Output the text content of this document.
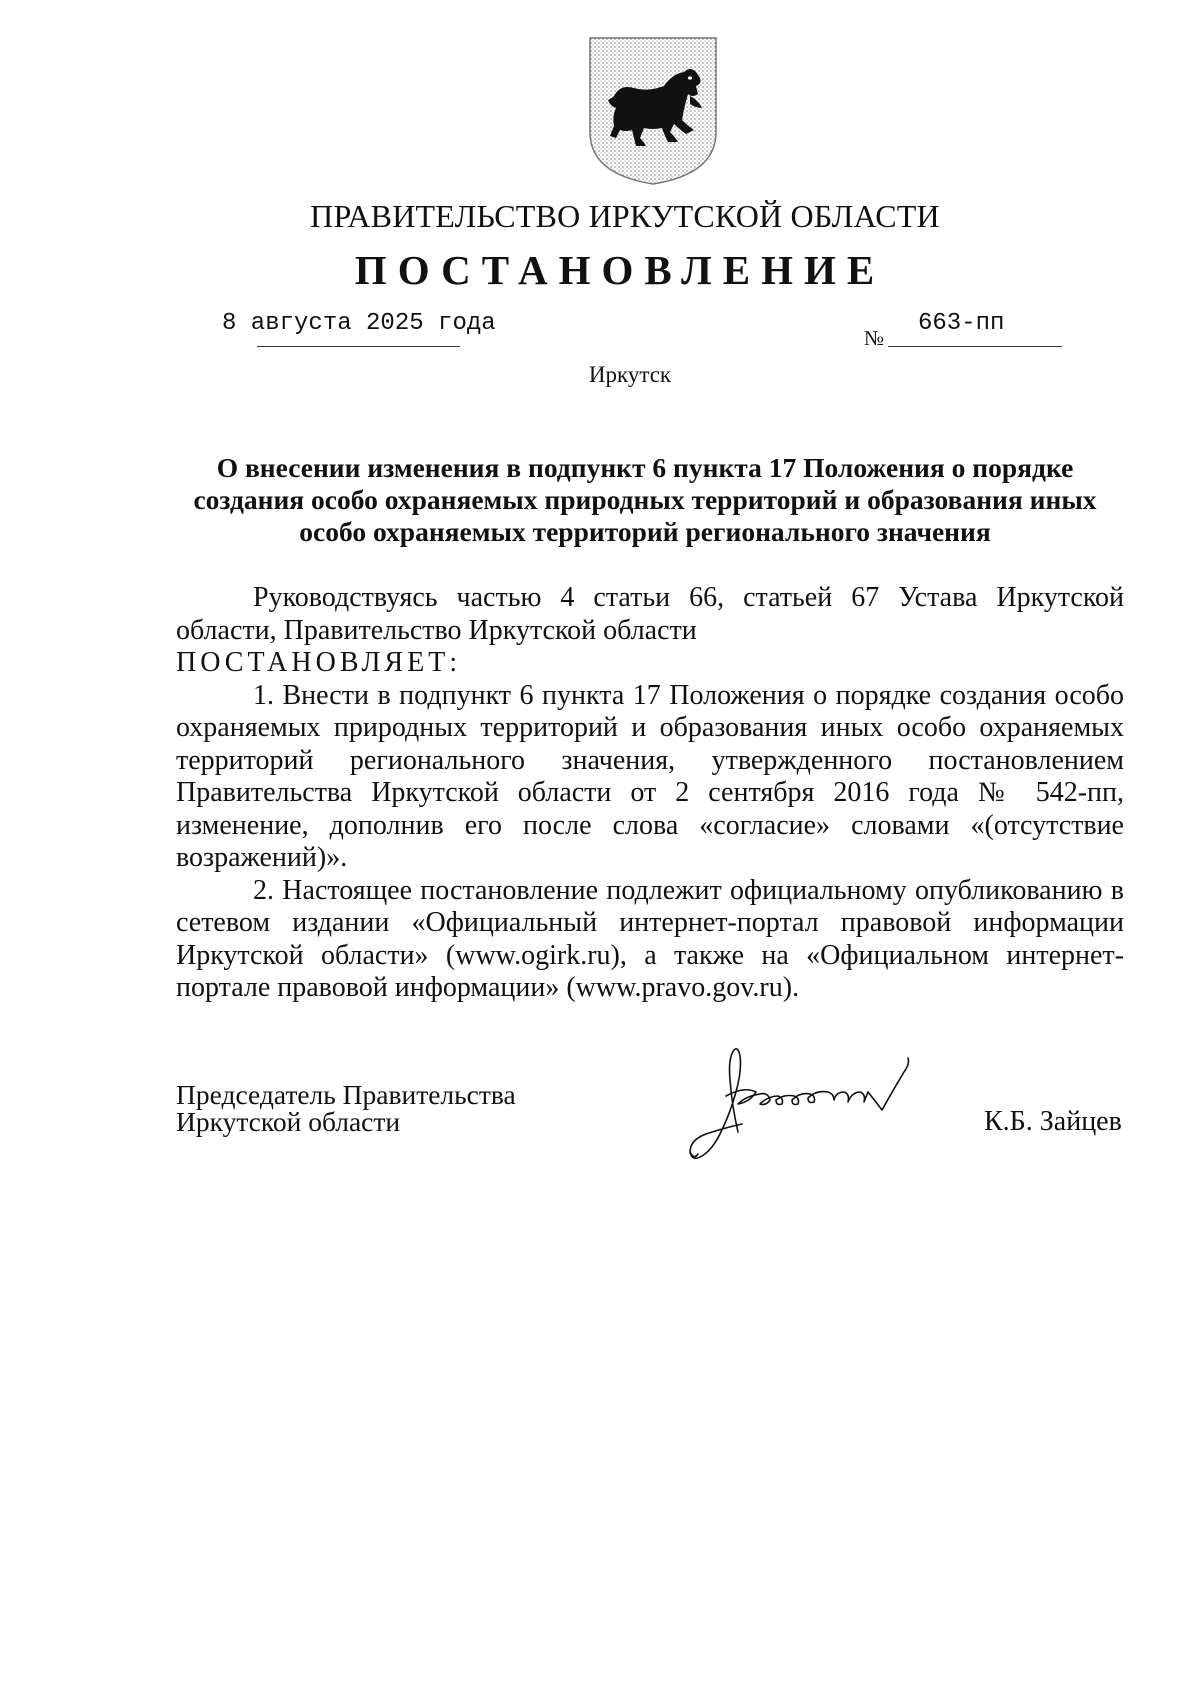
ПРАВИТЕЛЬСТВО ИРКУТСКОЙ ОБЛАСТИ
ПОСТАНОВЛЕНИЕ
8 августа 2025 года
№
663-пп
Иркутск
О внесении изменения в подпункт 6 пункта 17 Положения о порядке
создания особо охраняемых природных территорий и образования иных
особо охраняемых территорий регионального значения

Руководствуясь частью 4 статьи 66, статьей 67 Устава Иркутской области, Правительство Иркутской области

ПОСТАНОВЛЯЕТ:

1. Внести в подпункт 6 пункта 17 Положения о порядке создания особо охраняемых природных территорий и образования иных особо охраняемых территорий регионального значения, утвержденного постановлением Правительства Иркутской области от 2 сентября 2016 года № 542-пп, изменение, дополнив его после слова «согласие» словами «(отсутствие возражений)».

2. Настоящее постановление подлежит официальному опубликованию в сетевом издании «Официальный интернет-портал правовой информации Иркутской области» (www.ogirk.ru), а также на «Официальном интернет-портале правовой информации» (www.pravo.gov.ru).

Председатель Правительства
Иркутской области	К.Б. Зайцев
